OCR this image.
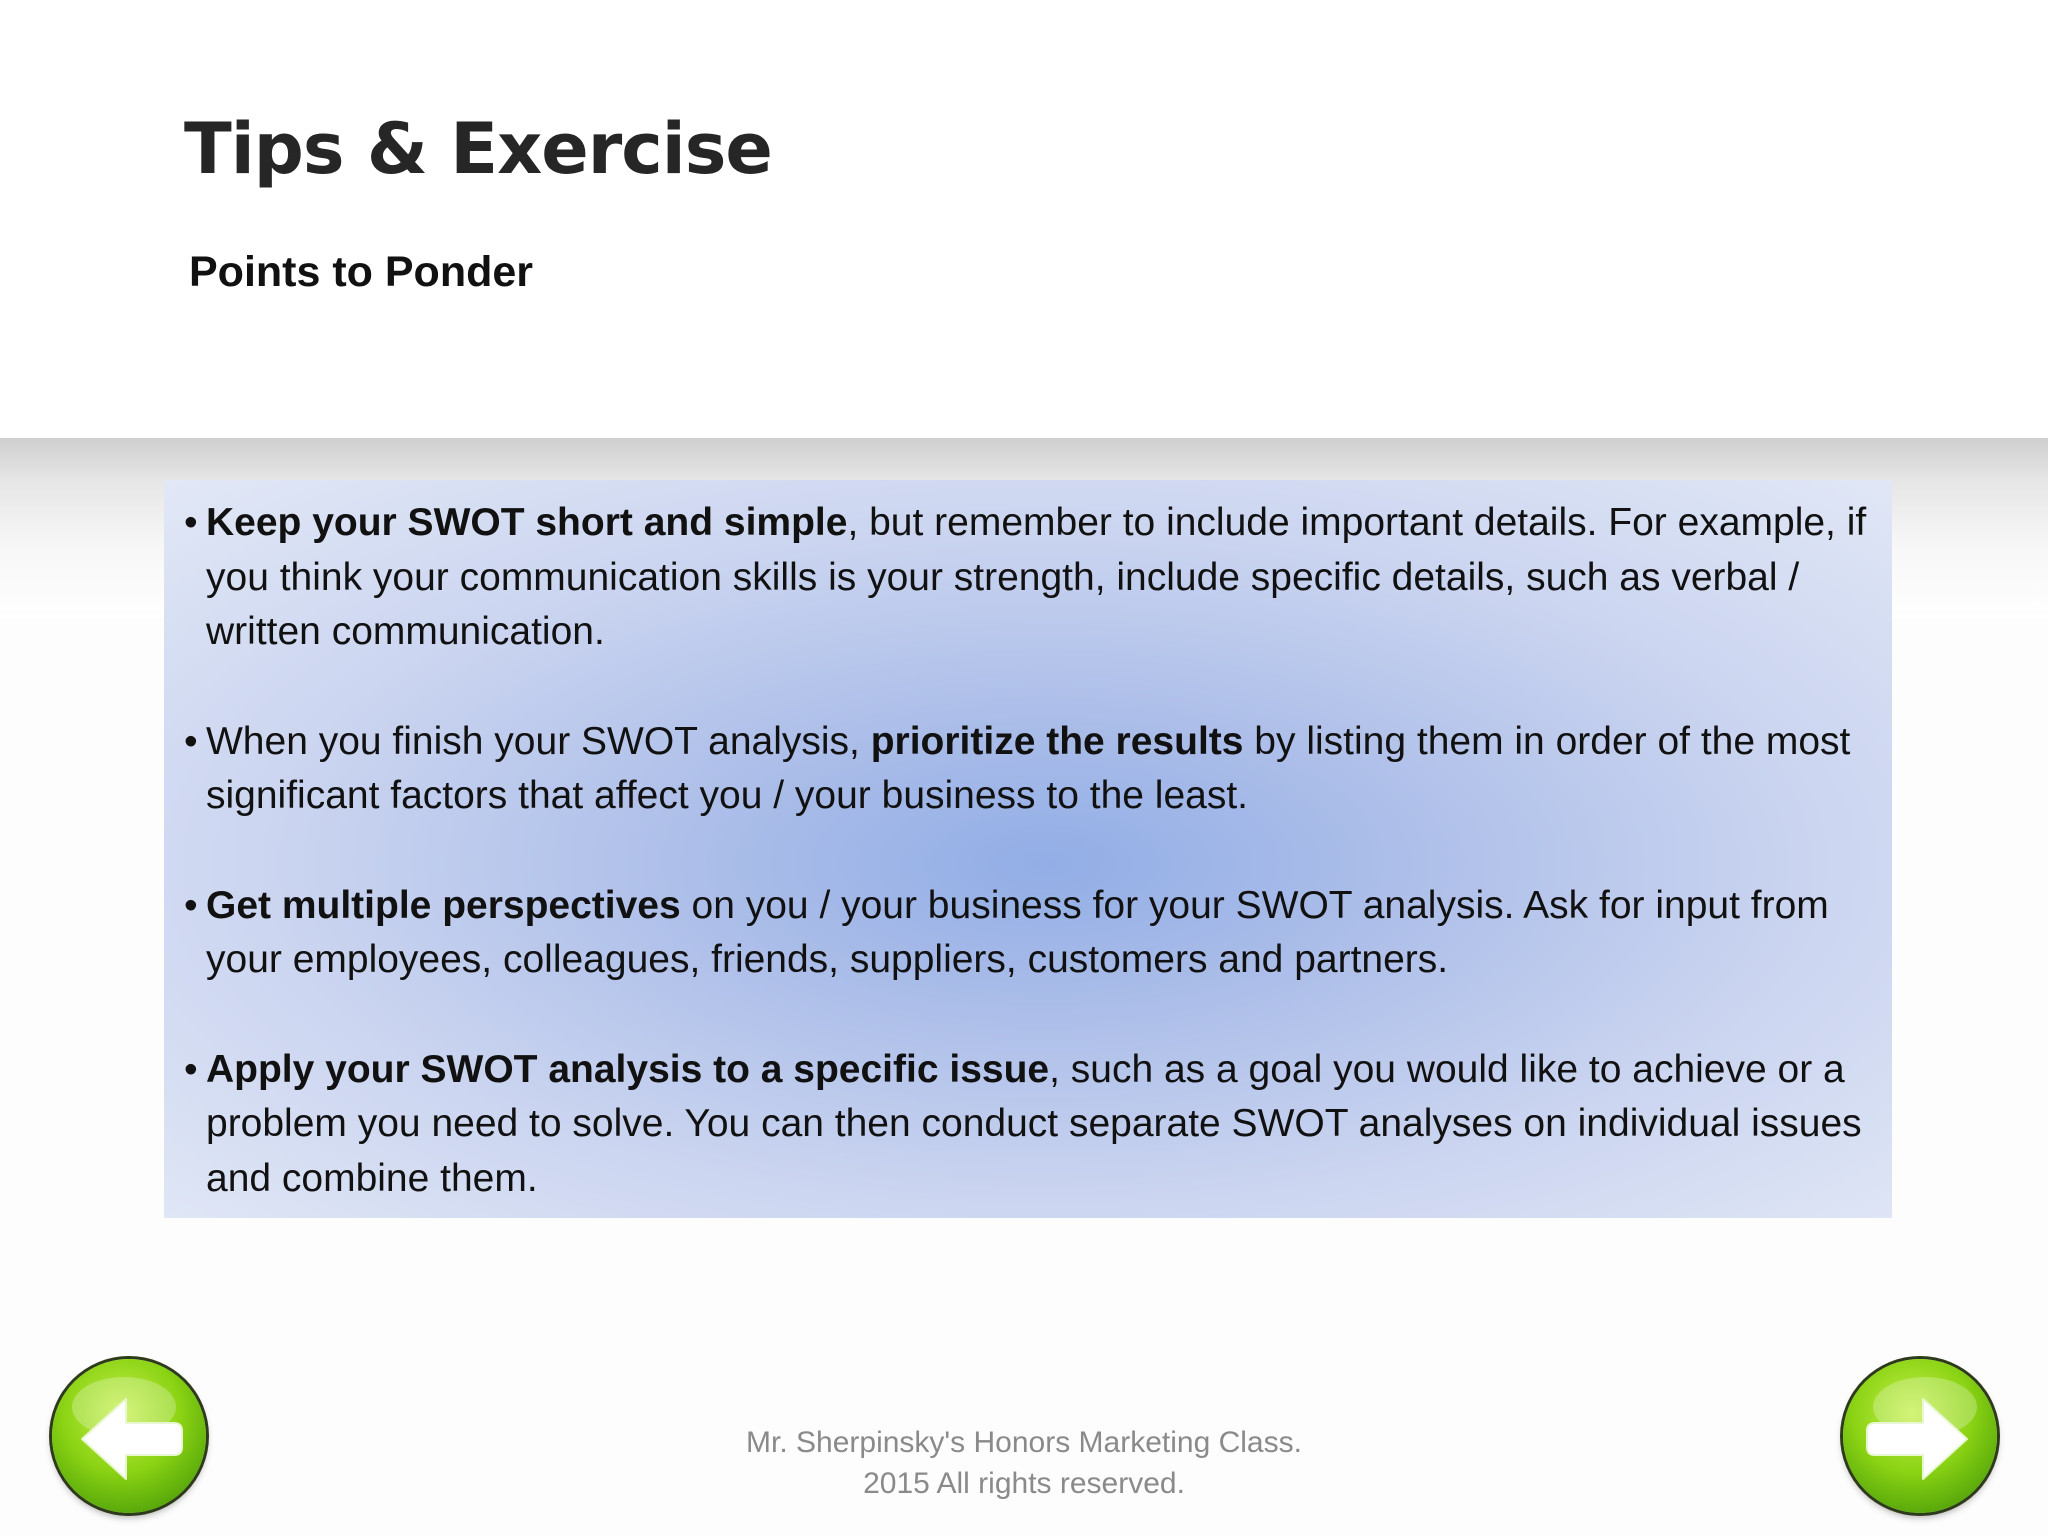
Tips & Exercise
Points to Ponder

• Keep your SWOT short and simple, but remember to include important details. For example, if you think your communication skills is your strength, include specific details, such as verbal / written communication.

• When you finish your SWOT analysis, prioritize the results by listing them in order of the most significant factors that affect you / your business to the least.

• Get multiple perspectives on you / your business for your SWOT analysis. Ask for input from your employees, colleagues, friends, suppliers, customers and partners.

• Apply your SWOT analysis to a specific issue, such as a goal you would like to achieve or a problem you need to solve. You can then conduct separate SWOT analyses on individual issues and combine them.

Mr. Sherpinsky's Honors Marketing Class.
2015 All rights reserved.
